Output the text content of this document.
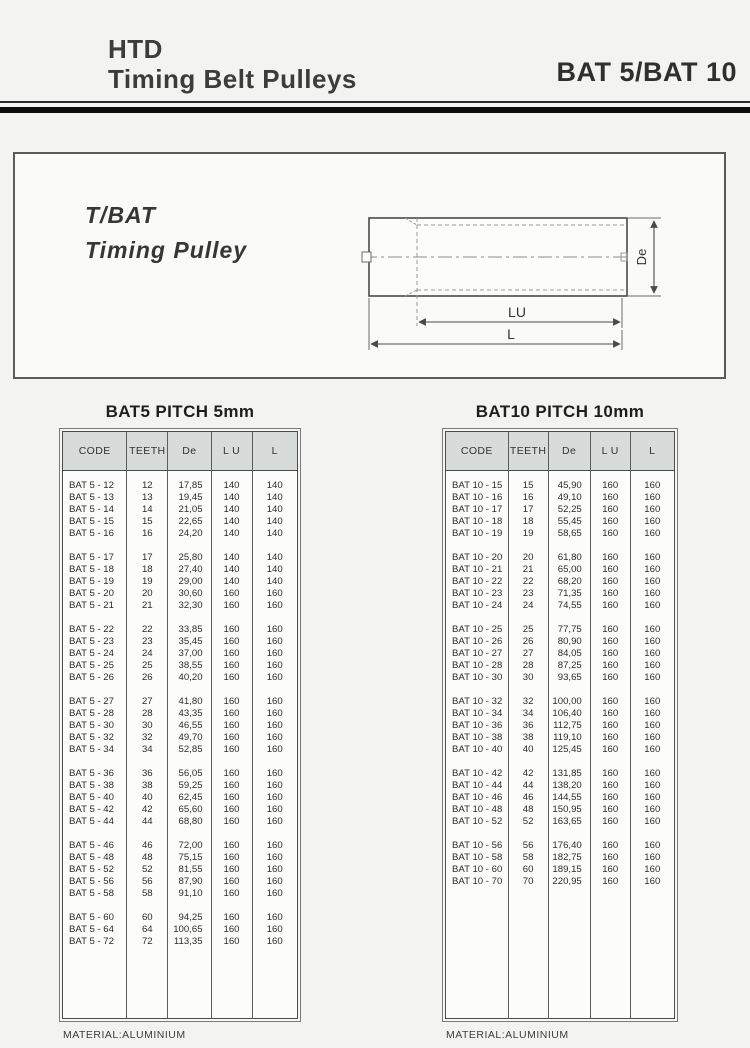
HTD
Timing Belt Pulleys	BAT 5/BAT 10
T/BAT
Timing Pulley	De
LU
L
BAT5 PITCH 5mm
CODE	TEETH	De	L U	L
BAT 5 - 12	12	17,85	140	140
BAT 5 - 13	13	19,45	140	140
BAT 5 - 14	14	21,05	140	140
BAT 5 - 15	15	22,65	140	140
BAT 5 - 16	16	24,20	140	140
BAT 5 - 17	17	25,80	140	140
BAT 5 - 18	18	27,40	140	140
BAT 5 - 19	19	29,00	140	140
BAT 5 - 20	20	30,60	160	160
BAT 5 - 21	21	32,30	160	160
BAT 5 - 22	22	33,85	160	160
BAT 5 - 23	23	35,45	160	160
BAT 5 - 24	24	37,00	160	160
BAT 5 - 25	25	38,55	160	160
BAT 5 - 26	26	40,20	160	160
BAT 5 - 27	27	41,80	160	160
BAT 5 - 28	28	43,35	160	160
BAT 5 - 30	30	46,55	160	160
BAT 5 - 32	32	49,70	160	160
BAT 5 - 34	34	52,85	160	160
BAT 5 - 36	36	56,05	160	160
BAT 5 - 38	38	59,25	160	160
BAT 5 - 40	40	62,45	160	160
BAT 5 - 42	42	65,60	160	160
BAT 5 - 44	44	68,80	160	160
BAT 5 - 46	46	72,00	160	160
BAT 5 - 48	48	75,15	160	160
BAT 5 - 52	52	81,55	160	160
BAT 5 - 56	56	87,90	160	160
BAT 5 - 58	58	91,10	160	160
BAT 5 - 60	60	94,25	160	160
BAT 5 - 64	64	100,65	160	160
BAT 5 - 72	72	113,35	160	160
MATERIAL:ALUMINIUM
BAT10 PITCH 10mm
CODE	TEETH	De	L U	L
BAT 10 - 15	15	45,90	160	160
BAT 10 - 16	16	49,10	160	160
BAT 10 - 17	17	52,25	160	160
BAT 10 - 18	18	55,45	160	160
BAT 10 - 19	19	58,65	160	160
BAT 10 - 20	20	61,80	160	160
BAT 10 - 21	21	65,00	160	160
BAT 10 - 22	22	68,20	160	160
BAT 10 - 23	23	71,35	160	160
BAT 10 - 24	24	74,55	160	160
BAT 10 - 25	25	77,75	160	160
BAT 10 - 26	26	80,90	160	160
BAT 10 - 27	27	84,05	160	160
BAT 10 - 28	28	87,25	160	160
BAT 10 - 30	30	93,65	160	160
BAT 10 - 32	32	100,00	160	160
BAT 10 - 34	34	106,40	160	160
BAT 10 - 36	36	112,75	160	160
BAT 10 - 38	38	119,10	160	160
BAT 10 - 40	40	125,45	160	160
BAT 10 - 42	42	131,85	160	160
BAT 10 - 44	44	138,20	160	160
BAT 10 - 46	46	144,55	160	160
BAT 10 - 48	48	150,95	160	160
BAT 10 - 52	52	163,65	160	160
BAT 10 - 56	56	176,40	160	160
BAT 10 - 58	58	182,75	160	160
BAT 10 - 60	60	189,15	160	160
BAT 10 - 70	70	220,95	160	160
MATERIAL:ALUMINIUM
